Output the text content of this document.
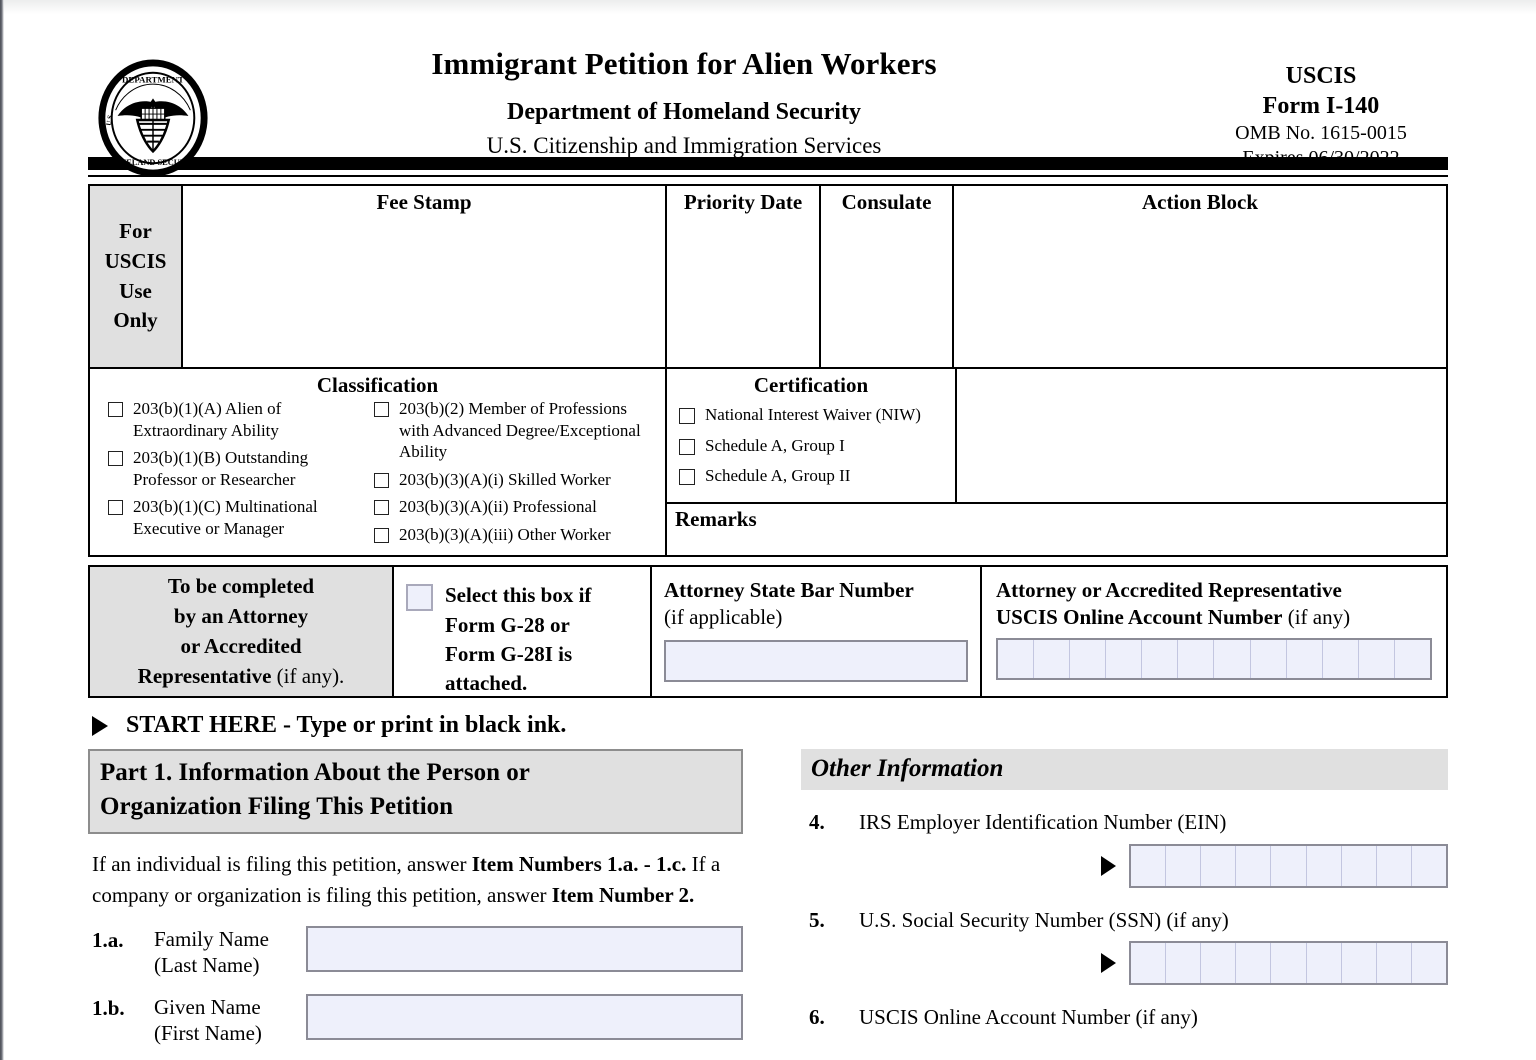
DEPARTMENT
HOMELAND SECURITY
U.S.
Immigrant Petition for Alien Workers
Department of Homeland Security
U.S. Citizenship and Immigration Services
USCIS
Form I-140
OMB No. 1615-0015
Expires 06/30/2022
For
USCIS
Use
Only
Fee Stamp	Priority Date	Consulate	Action Block
Classification
203(b)(1)(A) Alien of Extraordinary Ability
203(b)(1)(B) Outstanding Professor or Researcher
203(b)(1)(C) Multinational Executive or Manager
203(b)(2) Member of Professions with Advanced Degree/Exceptional Ability
203(b)(3)(A)(i) Skilled Worker
203(b)(3)(A)(ii) Professional
203(b)(3)(A)(iii) Other Worker
Certification
National Interest Waiver (NIW)
Schedule A, Group I
Schedule A, Group II
Remarks
To be completed
by an Attorney
or Accredited
Representative (if any).
Select this box if
Form G-28 or
Form G-28I is
attached.
Attorney State Bar Number
(if applicable)
Attorney or Accredited Representative
USCIS Online Account Number (if any)
START HERE - Type or print in black ink.
Part 1. Information About the Person or
Organization Filing This Petition
If an individual is filing this petition, answer Item Numbers 1.a. - 1.c. If a company or organization is filing this petition, answer Item Number 2.
1.a.	Family Name
(Last Name)
1.b.	Given Name
(First Name)
Other Information
4.	IRS Employer Identification Number (EIN)
5.	U.S. Social Security Number (SSN) (if any)
6.	USCIS Online Account Number (if any)
